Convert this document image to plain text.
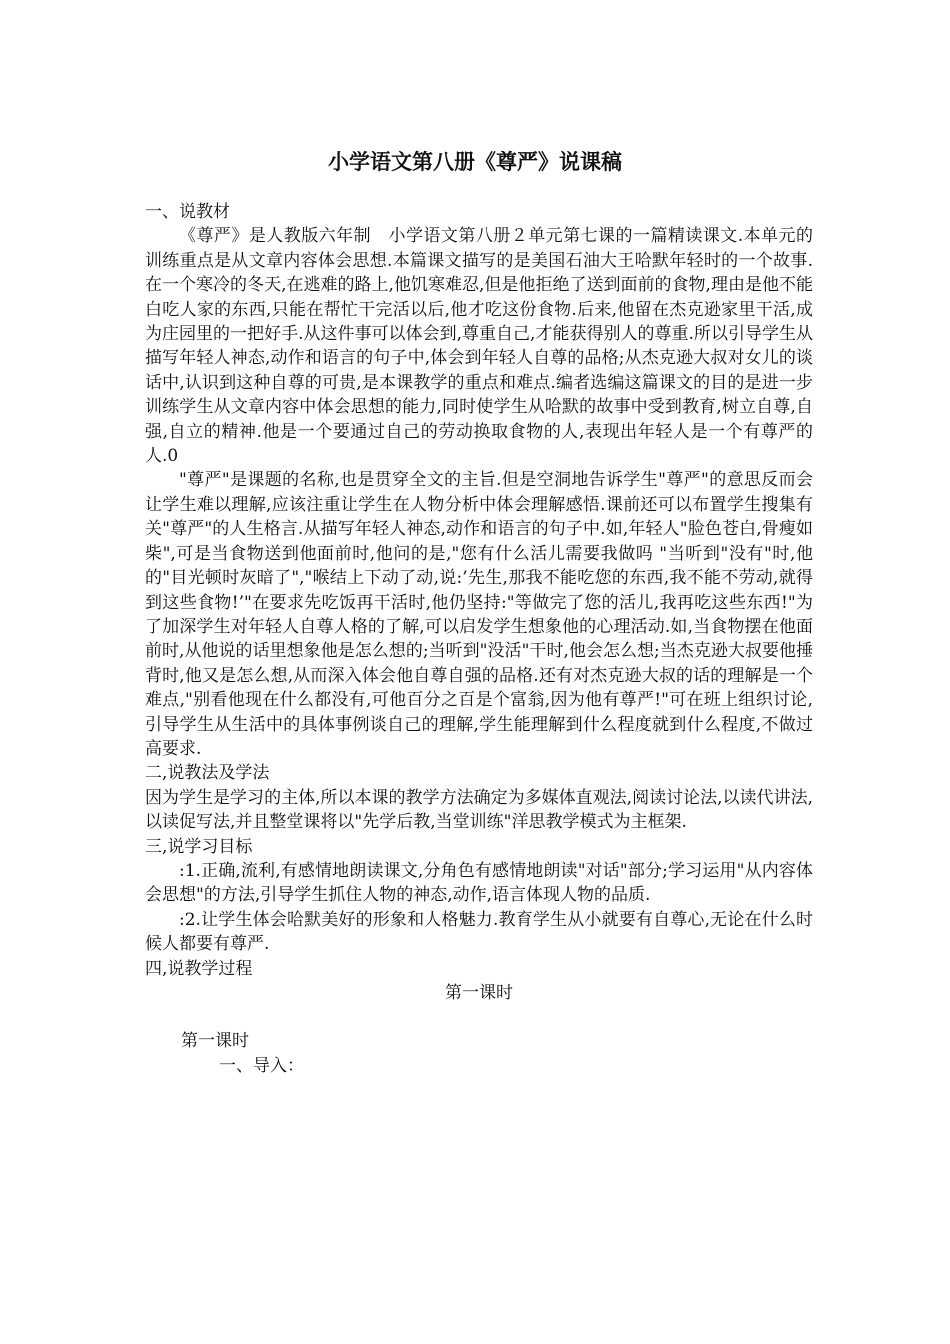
小学语文第八册《尊严》说课稿

一、说教材

《尊严》是人教版六年制　小学语文第八册２单元第七课的一篇精读课文.本单元的训练重点是从文章内容体会思想.本篇课文描写的是美国石油大王哈默年轻时的一个故事.在一个寒冷的冬天,在逃难的路上,他饥寒难忍,但是他拒绝了送到面前的食物,理由是他不能白吃人家的东西,只能在帮忙干完活以后,他才吃这份食物.后来,他留在杰克逊家里干活,成为庄园里的一把好手.从这件事可以体会到,尊重自己,才能获得别人的尊重.所以引导学生从描写年轻人神态,动作和语言的句子中,体会到年轻人自尊的品格;从杰克逊大叔对女儿的谈话中,认识到这种自尊的可贵,是本课教学的重点和难点.编者选编这篇课文的目的是进一步训练学生从文章内容中体会思想的能力,同时使学生从哈默的故事中受到教育,树立自尊,自强,自立的精神.他是一个要通过自己的劳动换取食物的人,表现出年轻人是一个有尊严的人.0

"尊严"是课题的名称,也是贯穿全文的主旨.但是空洞地告诉学生"尊严"的意思反而会让学生难以理解,应该注重让学生在人物分析中体会理解感悟.课前还可以布置学生搜集有关"尊严"的人生格言.从描写年轻人神态,动作和语言的句子中.如,年轻人"脸色苍白,骨瘦如柴",可是当食物送到他面前时,他问的是,"您有什么活儿需要我做吗 "当听到"没有"时,他的"目光顿时灰暗了","喉结上下动了动,说:’先生,那我不能吃您的东西,我不能不劳动,就得到这些食物!’"在要求先吃饭再干活时,他仍坚持:"等做完了您的活儿,我再吃这些东西!"为了加深学生对年轻人自尊人格的了解,可以启发学生想象他的心理活动.如,当食物摆在他面前时,从他说的话里想象他是怎么想的;当听到"没活"干时,他会怎么想;当杰克逊大叔要他捶背时,他又是怎么想,从而深入体会他自尊自强的品格.还有对杰克逊大叔的话的理解是一个难点,"别看他现在什么都没有,可他百分之百是个富翁,因为他有尊严!"可在班上组织讨论,引导学生从生活中的具体事例谈自己的理解,学生能理解到什么程度就到什么程度,不做过高要求.

二,说教法及学法

因为学生是学习的主体,所以本课的教学方法确定为多媒体直观法,阅读讨论法,以读代讲法,以读促写法,并且整堂课将以"先学后教,当堂训练"洋思教学模式为主框架.

三,说学习目标

:1.正确,流利,有感情地朗读课文,分角色有感情地朗读"对话"部分;学习运用"从内容体会思想"的方法,引导学生抓住人物的神态,动作,语言体现人物的品质.

:2.让学生体会哈默美好的形象和人格魅力.教育学生从小就要有自尊心,无论在什么时候人都要有尊严.

四,说教学过程

第一课时

第一课时

一、导入：
